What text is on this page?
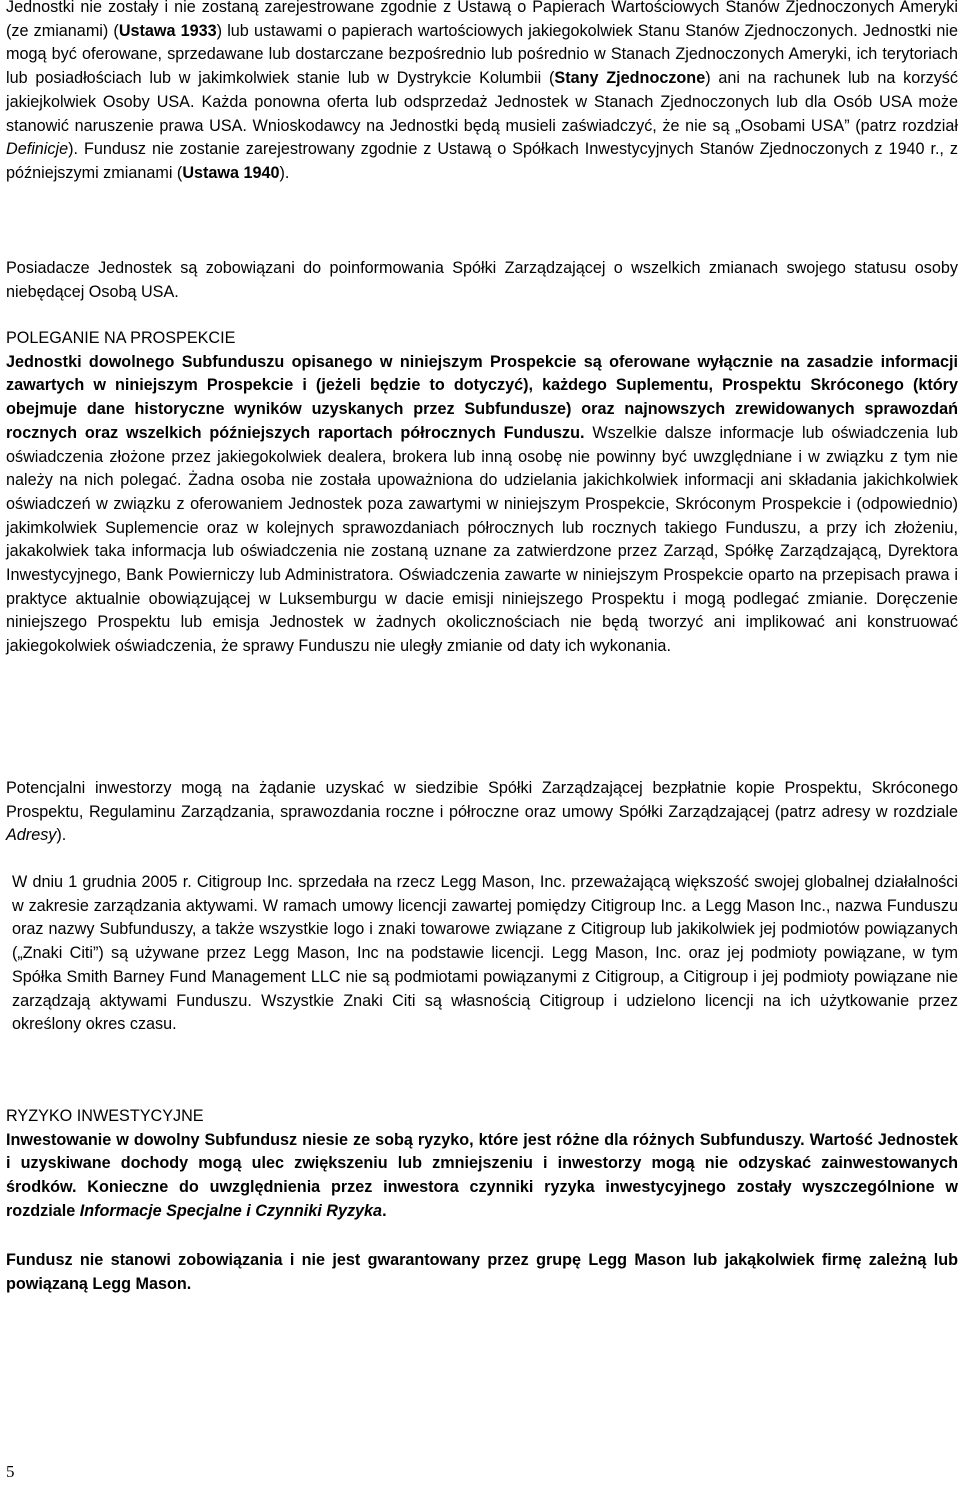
Jednostki nie zostały i nie zostaną zarejestrowane zgodnie z Ustawą o Papierach Wartościowych Stanów Zjednoczonych Ameryki (ze zmianami) (Ustawa 1933) lub ustawami o papierach wartościowych jakiegokolwiek Stanu Stanów Zjednoczonych. Jednostki nie mogą być oferowane, sprzedawane lub dostarczane bezpośrednio lub pośrednio w Stanach Zjednoczonych Ameryki, ich terytoriach lub posiadłościach lub w jakimkolwiek stanie lub w Dystrykcie Kolumbii (Stany Zjednoczone) ani na rachunek lub na korzyść jakiejkolwiek Osoby USA. Każda ponowna oferta lub odsprzedaż Jednostek w Stanach Zjednoczonych lub dla Osób USA może stanowić naruszenie prawa USA. Wnioskodawcy na Jednostki będą musieli zaświadczyć, że nie są „Osobami USA” (patrz rozdział Definicje). Fundusz nie zostanie zarejestrowany zgodnie z Ustawą o Spółkach Inwestycyjnych Stanów Zjednoczonych z 1940 r., z późniejszymi zmianami (Ustawa 1940).

Posiadacze Jednostek są zobowiązani do poinformowania Spółki Zarządzającej o wszelkich zmianach swojego statusu osoby niebędącej Osobą USA.

POLEGANIE NA PROSPEKCIE

Jednostki dowolnego Subfunduszu opisanego w niniejszym Prospekcie są oferowane wyłącznie na zasadzie informacji zawartych w niniejszym Prospekcie i (jeżeli będzie to dotyczyć), każdego Suplementu, Prospektu Skróconego (który obejmuje dane historyczne wyników uzyskanych przez Subfundusze) oraz najnowszych zrewidowanych sprawozdań rocznych oraz wszelkich późniejszych raportach półrocznych Funduszu. Wszelkie dalsze informacje lub oświadczenia lub oświadczenia złożone przez jakiegokolwiek dealera, brokera lub inną osobę nie powinny być uwzględniane i w związku z tym nie należy na nich polegać. Żadna osoba nie została upoważniona do udzielania jakichkolwiek informacji ani składania jakichkolwiek oświadczeń w związku z oferowaniem Jednostek poza zawartymi w niniejszym Prospekcie, Skróconym Prospekcie i (odpowiednio) jakimkolwiek Suplemencie oraz w kolejnych sprawozdaniach półrocznych lub rocznych takiego Funduszu, a przy ich złożeniu, jakakolwiek taka informacja lub oświadczenia nie zostaną uznane za zatwierdzone przez Zarząd, Spółkę Zarządzającą, Dyrektora Inwestycyjnego, Bank Powierniczy lub Administratora. Oświadczenia zawarte w niniejszym Prospekcie oparto na przepisach prawa i praktyce aktualnie obowiązującej w Luksemburgu w dacie emisji niniejszego Prospektu i mogą podlegać zmianie. Doręczenie niniejszego Prospektu lub emisja Jednostek w żadnych okolicznościach nie będą tworzyć ani implikować ani konstruować jakiegokolwiek oświadczenia, że sprawy Funduszu nie uległy zmianie od daty ich wykonania.

Potencjalni inwestorzy mogą na żądanie uzyskać w siedzibie Spółki Zarządzającej bezpłatnie kopie Prospektu, Skróconego Prospektu, Regulaminu Zarządzania, sprawozdania roczne i półroczne oraz umowy Spółki Zarządzającej (patrz adresy w rozdziale Adresy).

W dniu 1 grudnia 2005 r. Citigroup Inc. sprzedała na rzecz Legg Mason, Inc. przeważającą większość swojej globalnej działalności w zakresie zarządzania aktywami. W ramach umowy licencji zawartej pomiędzy Citigroup Inc. a Legg Mason Inc., nazwa Funduszu oraz nazwy Subfunduszy, a także wszystkie logo i znaki towarowe związane z Citigroup lub jakikolwiek jej podmiotów powiązanych („Znaki Citi”) są używane przez Legg Mason, Inc na podstawie licencji. Legg Mason, Inc. oraz jej podmioty powiązane, w tym Spółka Smith Barney Fund Management LLC nie są podmiotami powiązanymi z Citigroup, a Citigroup i jej podmioty powiązane nie zarządzają aktywami Funduszu. Wszystkie Znaki Citi są własnością Citigroup i udzielono licencji na ich użytkowanie przez określony okres czasu.

RYZYKO INWESTYCYJNE

Inwestowanie w dowolny Subfundusz niesie ze sobą ryzyko, które jest różne dla różnych Subfunduszy. Wartość Jednostek i uzyskiwane dochody mogą ulec zwiększeniu lub zmniejszeniu i inwestorzy mogą nie odzyskać zainwestowanych środków. Konieczne do uwzględnienia przez inwestora czynniki ryzyka inwestycyjnego zostały wyszczególnione w rozdziale Informacje Specjalne i Czynniki Ryzyka.

Fundusz nie stanowi zobowiązania i nie jest gwarantowany przez grupę Legg Mason lub jakąkolwiek firmę zależną lub powiązaną Legg Mason.

5
